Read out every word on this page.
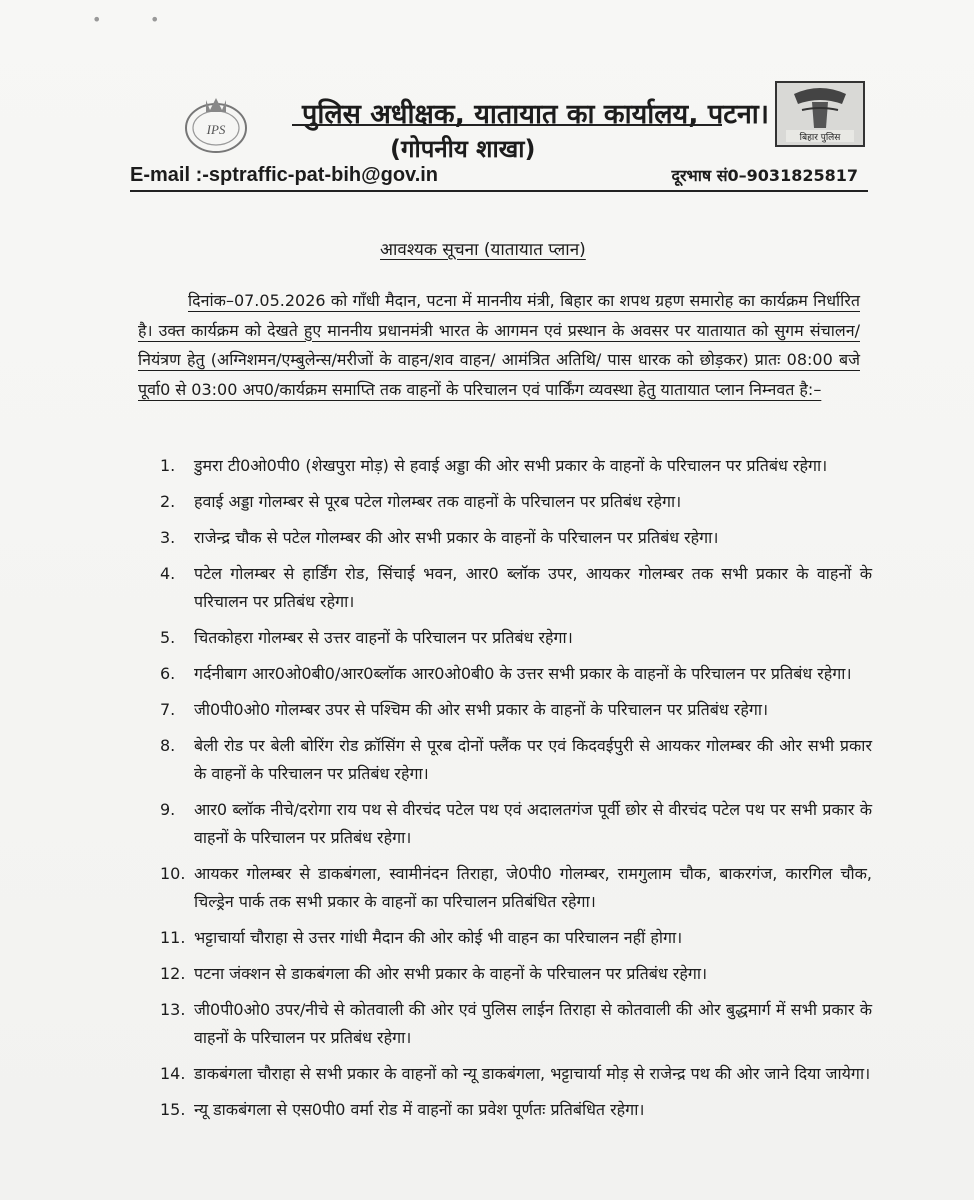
•	•
IPS	पुलिस अधीक्षक, यातायात का कार्यालय, पटना।
(गोपनीय शाखा)	बिहार पुलिस
E-mail :-sptraffic-pat-bih@gov.in	दूरभाष सं0–9031825817
आवश्यक सूचना (यातायात प्लान)
दिनांक–07.05.2026 को गाँधी मैदान, पटना में माननीय मंत्री, बिहार का शपथ ग्रहण समारोह का कार्यक्रम निर्धारित है। उक्त कार्यक्रम को देखते हुए माननीय प्रधानमंत्री भारत के आगमन एवं प्रस्थान के अवसर पर यातायात को सुगम संचालन/नियंत्रण हेतु (अग्निशमन/एम्बुलेन्स/मरीजों के वाहन/शव वाहन/ आमंत्रित अतिथि/ पास धारक को छोड़कर) प्रातः 08:00 बजे पूर्वा0 से 03:00 अप0/कार्यक्रम समाप्ति तक वाहनों के परिचालन एवं पार्किंग व्यवस्था हेतु यातायात प्लान निम्नवत है:–
1. डुमरा टी0ओ0पी0 (शेखपुरा मोड़) से हवाई अड्डा की ओर सभी प्रकार के वाहनों के परिचालन पर प्रतिबंध रहेगा।
2. हवाई अड्डा गोलम्बर से पूरब पटेल गोलम्बर तक वाहनों के परिचालन पर प्रतिबंध रहेगा।
3. राजेन्द्र चौक से पटेल गोलम्बर की ओर सभी प्रकार के वाहनों के परिचालन पर प्रतिबंध रहेगा।
4. पटेल गोलम्बर से हार्डिंग रोड, सिंचाई भवन, आर0 ब्लॉक उपर, आयकर गोलम्बर तक सभी प्रकार के वाहनों के परिचालन पर प्रतिबंध रहेगा।
5. चितकोहरा गोलम्बर से उत्तर वाहनों के परिचालन पर प्रतिबंध रहेगा।
6. गर्दनीबाग आर0ओ0बी0/आर0ब्लॉक आर0ओ0बी0 के उत्तर सभी प्रकार के वाहनों के परिचालन पर प्रतिबंध रहेगा।
7. जी0पी0ओ0 गोलम्बर उपर से पश्चिम की ओर सभी प्रकार के वाहनों के परिचालन पर प्रतिबंध रहेगा।
8. बेली रोड पर बेली बोरिंग रोड क्रॉसिंग से पूरब दोनों फ्लैंक पर एवं किदवईपुरी से आयकर गोलम्बर की ओर सभी प्रकार के वाहनों के परिचालन पर प्रतिबंध रहेगा।
9. आर0 ब्लॉक नीचे/दरोगा राय पथ से वीरचंद पटेल पथ एवं अदालतगंज पूर्वी छोर से वीरचंद पटेल पथ पर सभी प्रकार के वाहनों के परिचालन पर प्रतिबंध रहेगा।
10. आयकर गोलम्बर से डाकबंगला, स्वामीनंदन तिराहा, जे0पी0 गोलम्बर, रामगुलाम चौक, बाकरगंज, कारगिल चौक, चिल्ड्रेन पार्क तक सभी प्रकार के वाहनों का परिचालन प्रतिबंधित रहेगा।
11. भट्टाचार्या चौराहा से उत्तर गांधी मैदान की ओर कोई भी वाहन का परिचालन नहीं होगा।
12. पटना जंक्शन से डाकबंगला की ओर सभी प्रकार के वाहनों के परिचालन पर प्रतिबंध रहेगा।
13. जी0पी0ओ0 उपर/नीचे से कोतवाली की ओर एवं पुलिस लाईन तिराहा से कोतवाली की ओर बुद्धमार्ग में सभी प्रकार के वाहनों के परिचालन पर प्रतिबंध रहेगा।
14. डाकबंगला चौराहा से सभी प्रकार के वाहनों को न्यू डाकबंगला, भट्टाचार्या मोड़ से राजेन्द्र पथ की ओर जाने दिया जायेगा।
15. न्यू डाकबंगला से एस0पी0 वर्मा रोड में वाहनों का प्रवेश पूर्णतः प्रतिबंधित रहेगा।
